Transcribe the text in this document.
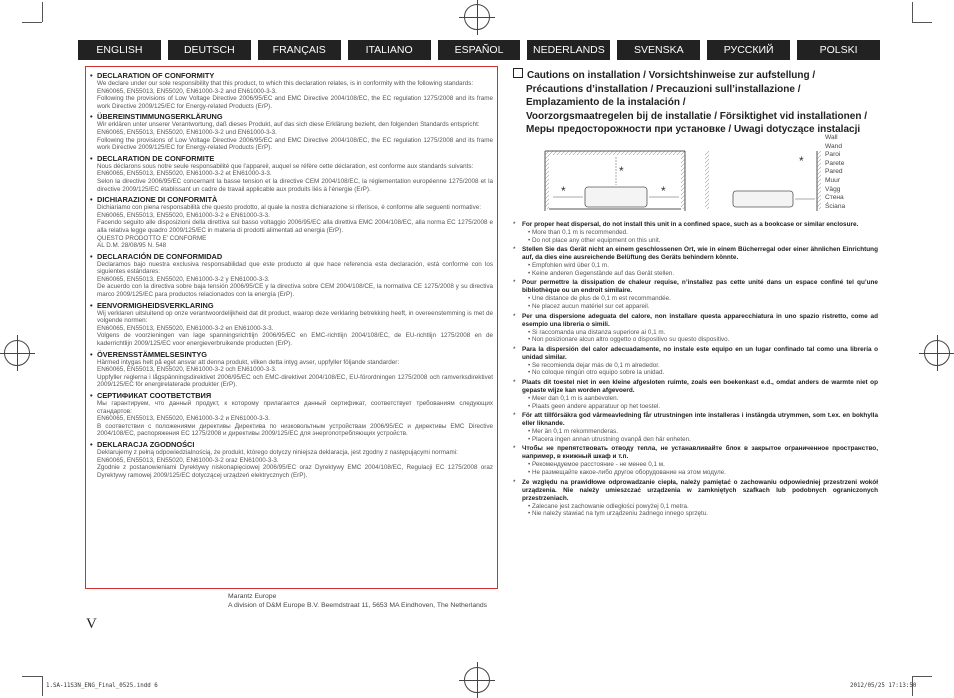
ENGLISH	DEUTSCH	FRANÇAIS	ITALIANO	ESPAÑOL	NEDERLANDS	SVENSKA	РУССКИЙ	POLSKI
• DECLARATION OF CONFORMITY
We declare under our sole responsibility that this product, to which this declaration relates, is in conformity with the following standards:
EN60065, EN55013, EN55020, EN61000-3-2 and EN61000-3-3.
Following the provisions of Low Voltage Directive 2006/95/EC and EMC Directive 2004/108/EC, the EC regulation 1275/2008 and its frame work Directive 2009/125/EC for Energy-related Products (ErP).
• ÜBEREINSTIMMUNGSERKLÄRUNG
Wir erklären unter unserer Verantwortung, daß dieses Produkt, auf das sich diese Erklärung bezieht, den folgenden Standards entspricht:
EN60065, EN55013, EN55020, EN61000-3-2 und EN61000-3-3.
Following the provisions of Low Voltage Directive 2006/95/EC and EMC Directive 2004/108/EC, the EC regulation 1275/2008 and its frame work Directive 2009/125/EC for Energy-related Products (ErP).
• DECLARATION DE CONFORMITE
Nous déclarons sous notre seule responsabilité que l’appareil, auquel se réfère cette déclaration, est conforme aux standards suivants:
EN60065, EN55013, EN55020, EN61000-3-2 et EN61000-3-3.
Selon la directive 2006/95/EC concernant la basse tension et la directive CEM 2004/108/EC, la réglementation européenne 1275/2008 et la directive 2009/125/EC établissant un cadre de travail applicable aux produits liés à l’énergie (ErP).
• DICHIARAZIONE DI CONFORMITÀ
Dichiariamo con piena responsabilità che questo prodotto, al quale la nostra dichiarazione si riferisce, è conforme alle seguenti normative:
EN60065, EN55013, EN55020, EN61000-3-2 e EN61000-3-3.
Facendo seguito alle disposizioni della direttiva sul basso voltaggio 2006/95/EC alla direttiva EMC 2004/108/EC, alla norma EC 1275/2008 e alla relativa legge quadro 2009/125/EC in materia di prodotti alimentati ad energia (ErP).
QUESTO PRODOTTO E’ CONFORME
AL D.M. 28/08/95 N. 548
• DECLARACIÓN DE CONFORMIDAD
Declaramos bajo nuestra exclusiva responsabilidad que este producto al que hace referencia esta declaración, está conforme con los siguientes estándares:
EN60065, EN55013, EN55020, EN61000-3-2 y EN61000-3-3.
De acuerdo con la directiva sobre baja tensión 2006/95/CE y la directiva sobre CEM 2004/108/CE, la normativa CE 1275/2008 y su directiva marco 2009/125/EC para productos relacionados con la energía (ErP).
• EENVORMIGHEIDSVERKLARING
Wij verklaren uitsluitend op onze verantwoordelijkheid dat dit product, waarop deze verklaring betrekking heeft, in overeenstemming is met de volgende normen:
EN60065, EN55013, EN55020, EN61000-3-2 en EN61000-3-3.
Volgens de voorzieningen van lage spanningsrichtlijn 2006/95/EC en EMC-richtlijn 2004/108/EC, de EU-richtlijn 1275/2008 en de kaderrichtlijn 2009/125/EC voor energieverbruikende producten (ErP).
• ÖVERENSSTÄMMELSESINTYG
Härmed intygas helt på eget ansvar att denna produkt, vilken detta intyg avser, uppfyller följande standarder:
EN60065, EN55013, EN55020, EN61000-3-2 och EN61000-3-3.
Uppfyller reglerna i lågspänningsdirektivet 2006/95/EC och EMC-direktivet 2004/108/EC, EU-förordningen 1275/2008 och ramverksdirektivet 2009/125/EC för energirelaterade produkter (ErP).
• СЕРТИФИКАТ СООТВЕТСТВИЯ
Мы гарантируем, что данный продукт, к которому прилагается данный сертификат, соответствует требованиям следующих стандартов:
EN60065, EN55013, EN55020, EN61000-3-2 и EN61000-3-3.
В соответствии с положениями директивы Директива по низковольтным устройствам 2006/95/EC и директивы EMC Directive 2004/108/EC, распоряжения EC 1275/2008 и директивы 2009/125/EC для энергопотребляющих устройств.
• DEKLARACJA ZGODNOŚCI
Deklarujemy z pełną odpowiedzialnością, że produkt, którego dotyczy niniejsza deklaracja, jest zgodny z następującymi normami:
EN60065, EN55013, EN55020, EN61000-3-2 oraz EN61000-3-3.
Zgodnie z postanowieniami Dyrektywy niskonapięciowej 2006/95/EC oraz Dyrektywy EMC 2004/108/EC, Regulacji EC 1275/2008 oraz Dyrektywy ramowej 2009/125/EC dotyczącej urządzeń elektrycznych (ErP).
Marantz Europe
A division of D&M Europe B.V. Beemdstraat 11, 5653 MA Eindhoven, The Netherlands
V
Cautions on installation / Vorsichtshinweise zur aufstellung /
Précautions d’installation / Precauzioni sull’installazione /
Emplazamiento de la instalación /
Voorzorgsmaatregelen bij de installatie / Försiktighet vid installationen /
Меры предосторожности при установке / Uwagi dotyczące instalacji
*
*	*
*
Wall
Wand
Paroi
Parete
Pared
Muur
Vägg
Стена
Ściana
* For proper heat dispersal, do not install this unit in a confined space, such as a bookcase or similar enclosure.
• More than 0.1 m is recommended.
• Do not place any other equipment on this unit.
* Stellen Sie das Gerät nicht an einem geschlossenen Ort, wie in einem Bücherregal oder einer ähnlichen Einrichtung auf, da dies eine ausreichende Belüftung des Geräts behindern könnte.
• Empfohlen wird über 0,1 m.
• Keine anderen Gegenstände auf das Gerät stellen.
* Pour permettre la dissipation de chaleur requise, n’installez pas cette unité dans un espace confiné tel qu’une bibliothèque ou un endroit similaire.
• Une distance de plus de 0,1 m est recommandée.
• Ne placez aucun matériel sur cet appareil.
* Per una dispersione adeguata del calore, non installare questa apparecchiatura in uno spazio ristretto, come ad esempio una libreria o simili.
• Si raccomanda una distanza superiore ai 0,1 m.
• Non posizionare alcun altro oggetto o dispositivo su questo dispositivo.
* Para la dispersión del calor adecuadamente, no instale este equipo en un lugar confinado tal como una librería o unidad similar.
• Se recomienda dejar más de 0,1 m alrededor.
• No coloque ningún otro equipo sobre la unidad.
* Plaats dit toestel niet in een kleine afgesloten ruimte, zoals een boekenkast e.d., omdat anders de warmte niet op gepaste wijze kan worden afgevoerd.
• Meer dan 0,1 m is aanbevolen.
• Plaats geen andere apparatuur op het toestel.
* För att tillförsäkra god värmeavledning får utrustningen inte installeras i instängda utrymmen, som t.ex. en bokhylla eller liknande.
• Mer än 0,1 m rekommenderas.
• Placera ingen annan utrustning ovanpå den här enheten.
* Чтобы не препятствовать отводу тепла, не устанавливайте блок в закрытое ограниченное пространство, например, в книжный шкаф и т.п.
• Рекомендуемое расстояние - не менее 0,1 м.
• Не размещайте какое-либо другое оборудование на этом модуле.
* Ze względu na prawidłowe odprowadzanie ciepła, należy pamiętać o zachowaniu odpowiedniej przestrzeni wokół urządzenia. Nie należy umieszczać urządzenia w zamkniętych szafkach lub podobnych ograniczonych przestrzeniach.
• Zalecane jest zachowanie odległości powyżej 0,1 metra.
• Nie należy stawiać na tym urządzeniu żadnego innego sprzętu.
1.SA-11S3N_ENG_Final_0525.indd 6	2012/05/25 17:13:50
